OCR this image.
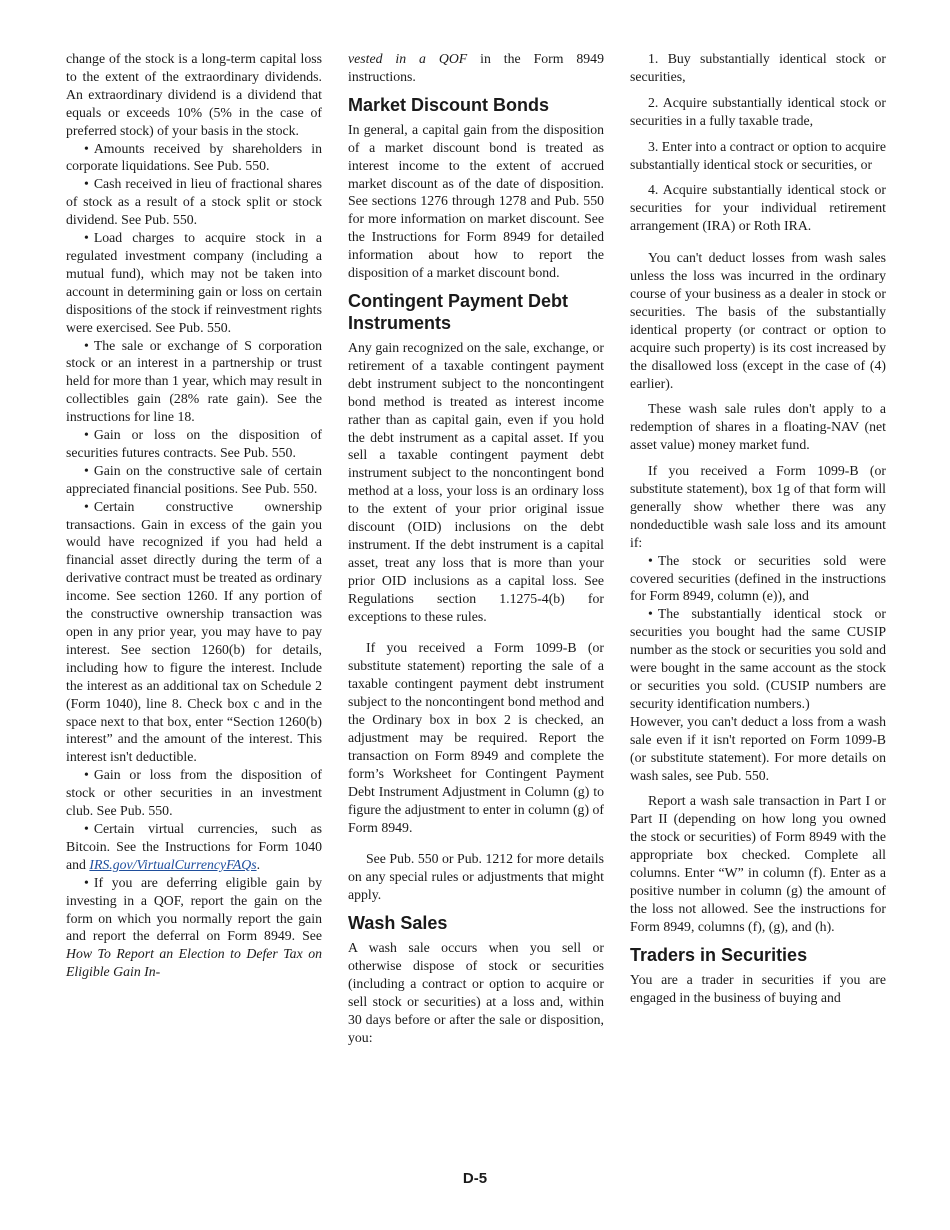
change of the stock is a long-term capital loss to the extent of the extraordinary dividends. An extraordinary dividend is a dividend that equals or exceeds 10% (5% in the case of preferred stock) of your basis in the stock.

• Amounts received by shareholders in corporate liquidations. See Pub. 550.

• Cash received in lieu of fractional shares of stock as a result of a stock split or stock dividend. See Pub. 550.

• Load charges to acquire stock in a regulated investment company (including a mutual fund), which may not be taken into account in determining gain or loss on certain dispositions of the stock if reinvestment rights were exercised. See Pub. 550.

• The sale or exchange of S corporation stock or an interest in a partnership or trust held for more than 1 year, which may result in collectibles gain (28% rate gain). See the instructions for line 18.

• Gain or loss on the disposition of securities futures contracts. See Pub. 550.

• Gain on the constructive sale of certain appreciated financial positions. See Pub. 550.

• Certain constructive ownership transactions. Gain in excess of the gain you would have recognized if you had held a financial asset directly during the term of a derivative contract must be treated as ordinary income. See section 1260. If any portion of the constructive ownership transaction was open in any prior year, you may have to pay interest. See section 1260(b) for details, including how to figure the interest. Include the interest as an additional tax on Schedule 2 (Form 1040), line 8. Check box c and in the space next to that box, enter “Section 1260(b) interest” and the amount of the interest. This interest isn't deductible.

• Gain or loss from the disposition of stock or other securities in an investment club. See Pub. 550.

• Certain virtual currencies, such as Bitcoin. See the Instructions for Form 1040 and IRS.gov/VirtualCurrencyFAQs.

• If you are deferring eligible gain by investing in a QOF, report the gain on the form on which you normally report the gain and report the deferral on Form 8949. See How To Report an Election to Defer Tax on Eligible Gain In-

vested in a QOF in the Form 8949 instructions.

Market Discount Bonds

In general, a capital gain from the disposition of a market discount bond is treated as interest income to the extent of accrued market discount as of the date of disposition. See sections 1276 through 1278 and Pub. 550 for more information on market discount. See the Instructions for Form 8949 for detailed information about how to report the disposition of a market discount bond.

Contingent Payment Debt Instruments

Any gain recognized on the sale, exchange, or retirement of a taxable contingent payment debt instrument subject to the noncontingent bond method is treated as interest income rather than as capital gain, even if you hold the debt instrument as a capital asset. If you sell a taxable contingent payment debt instrument subject to the noncontingent bond method at a loss, your loss is an ordinary loss to the extent of your prior original issue discount (OID) inclusions on the debt instrument. If the debt instrument is a capital asset, treat any loss that is more than your prior OID inclusions as a capital loss. See Regulations section 1.1275-4(b) for exceptions to these rules.

If you received a Form 1099-B (or substitute statement) reporting the sale of a taxable contingent payment debt instrument subject to the noncontingent bond method and the Ordinary box in box 2 is checked, an adjustment may be required. Report the transaction on Form 8949 and complete the form’s Worksheet for Contingent Payment Debt Instrument Adjustment in Column (g) to figure the adjustment to enter in column (g) of Form 8949.

See Pub. 550 or Pub. 1212 for more details on any special rules or adjustments that might apply.

Wash Sales

A wash sale occurs when you sell or otherwise dispose of stock or securities (including a contract or option to acquire or sell stock or securities) at a loss and, within 30 days before or after the sale or disposition, you:

1. Buy substantially identical stock or securities,

2. Acquire substantially identical stock or securities in a fully taxable trade,

3. Enter into a contract or option to acquire substantially identical stock or securities, or

4. Acquire substantially identical stock or securities for your individual retirement arrangement (IRA) or Roth IRA.

You can't deduct losses from wash sales unless the loss was incurred in the ordinary course of your business as a dealer in stock or securities. The basis of the substantially identical property (or contract or option to acquire such property) is its cost increased by the disallowed loss (except in the case of (4) earlier).

These wash sale rules don't apply to a redemption of shares in a floating-NAV (net asset value) money market fund.

If you received a Form 1099-B (or substitute statement), box 1g of that form will generally show whether there was any nondeductible wash sale loss and its amount if:

• The stock or securities sold were covered securities (defined in the instructions for Form 8949, column (e)), and

• The substantially identical stock or securities you bought had the same CUSIP number as the stock or securities you sold and were bought in the same account as the stock or securities you sold. (CUSIP numbers are security identification numbers.)

However, you can't deduct a loss from a wash sale even if it isn't reported on Form 1099-B (or substitute statement). For more details on wash sales, see Pub. 550.

Report a wash sale transaction in Part I or Part II (depending on how long you owned the stock or securities) of Form 8949 with the appropriate box checked. Complete all columns. Enter “W” in column (f). Enter as a positive number in column (g) the amount of the loss not allowed. See the instructions for Form 8949, columns (f), (g), and (h).

Traders in Securities

You are a trader in securities if you are engaged in the business of buying and

D-5
